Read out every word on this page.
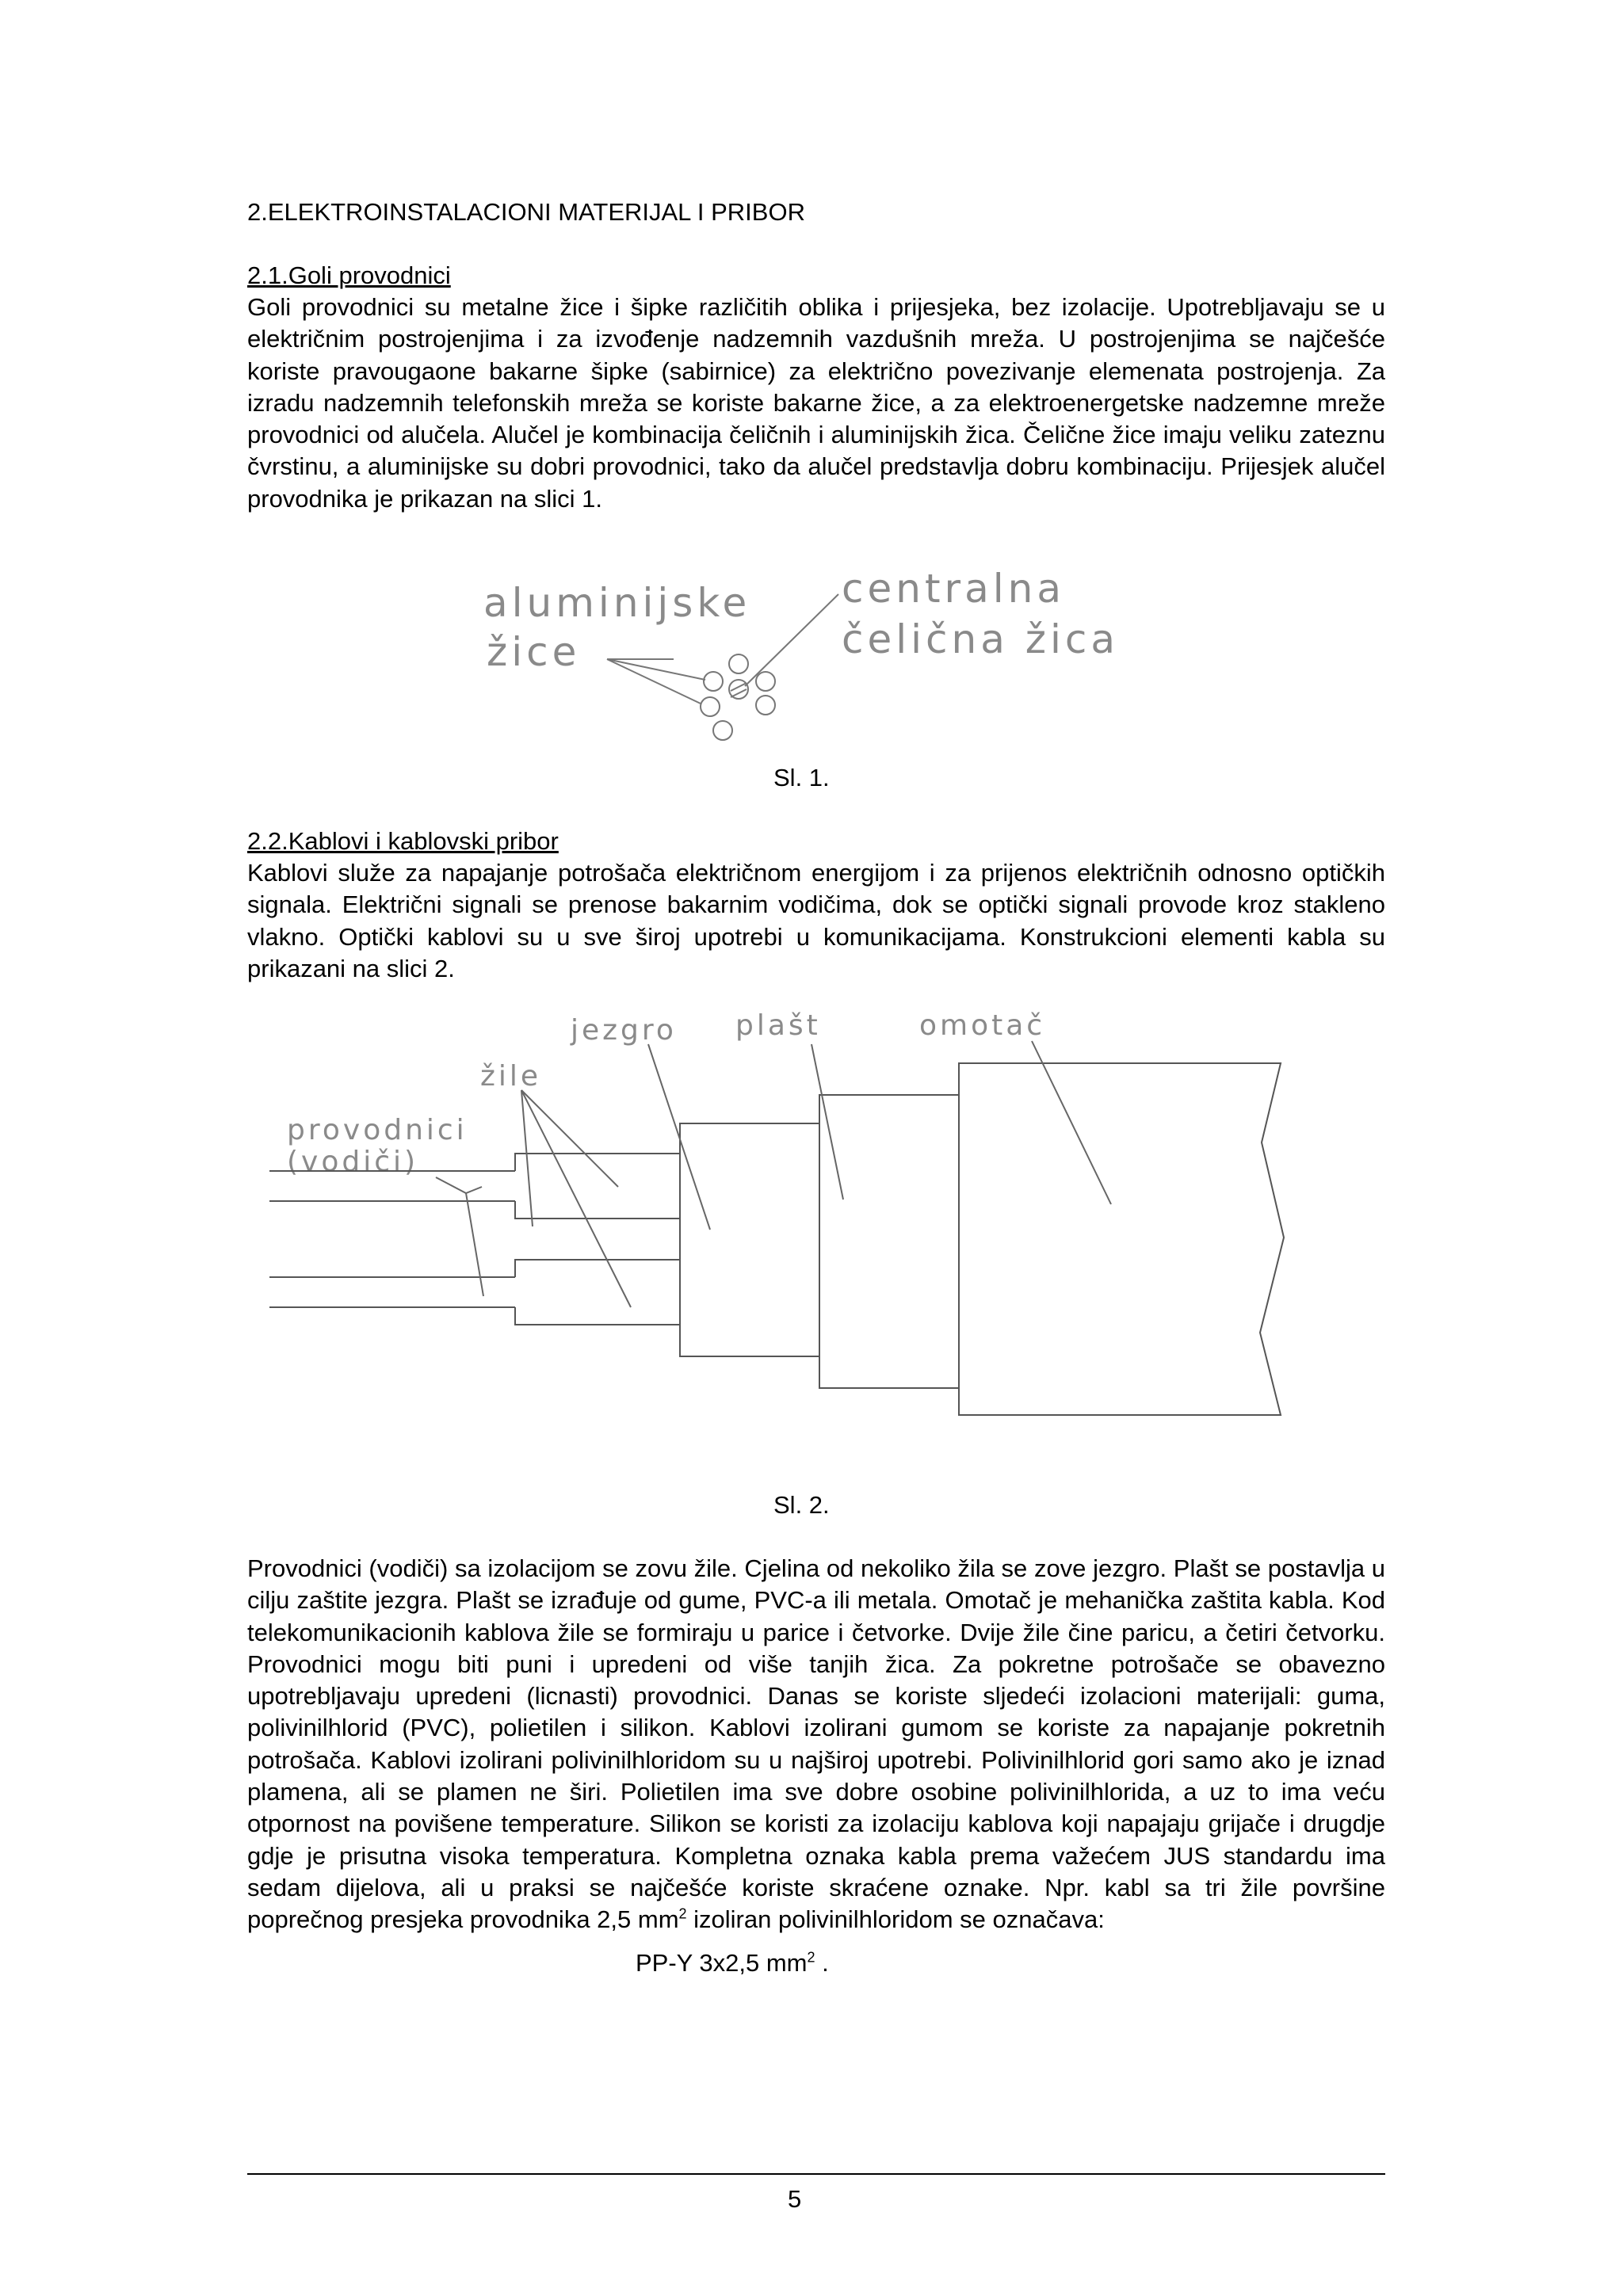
2.ELEKTROINSTALACIONI MATERIJAL I PRIBOR
2.1.Goli provodnici
Goli provodnici su metalne žice i šipke različitih oblika i prijesjeka, bez izolacije. Upotrebljavaju se u električnim postrojenjima i za izvođenje nadzemnih vazdušnih mreža. U postrojenjima se najčešće koriste pravougaone bakarne šipke (sabirnice) za električno povezivanje elemenata postrojenja. Za izradu nadzemnih telefonskih mreža se koriste bakarne žice, a za elektroenergetske nadzemne mreže provodnici od alučela. Alučel je kombinacija čeličnih i aluminijskih žica. Čelične žice imaju veliku zateznu čvrstinu, a aluminijske su dobri provodnici, tako da alučel predstavlja dobru kombinaciju. Prijesjek alučel provodnika je prikazan na slici 1.
aluminijske
žice
centralna
čelična žica
Sl. 1.
2.2.Kablovi i kablovski pribor
Kablovi služe za napajanje potrošača električnom energijom i za prijenos električnih odnosno optičkih signala. Električni signali se prenose bakarnim vodičima, dok se optički signali provode kroz stakleno vlakno. Optički kablovi su u sve širој upotrebi u komunikacijama. Konstrukcioni elementi kabla su prikazani na slici 2.
jezgro plašt	omotač
žile
provodnici
(vodiči)
Sl. 2.
Provodnici (vodiči) sa izolacijom se zovu žile. Cjelina od nekoliko žila se zove jezgro. Plašt se postavlja u cilju zaštite jezgra. Plašt se izrađuje od gume, PVC-a ili metala. Omotač je mehanička zaštita kabla. Kod telekomunikacionih kablova žile se formiraju u parice i četvorke. Dvije žile čine paricu, a četiri četvorku. Provodnici mogu biti puni i upredeni od više tanjih žica. Za pokretne potrošače se obavezno upotrebljavaju upredeni (licnasti) provodnici. Danas se koriste sljedeći izolacioni materijali: guma, polivinilhlorid (PVC), polietilen i silikon. Kablovi izolirani gumom se koriste za napajanje pokretnih potrošača. Kablovi izolirani polivinilhloridom su u najširoj upotrebi. Polivinilhlorid gori samo ako je iznad plamena, ali se plamen ne širi. Polietilen ima sve dobre osobine polivinilhlorida, a uz to ima veću otpornost na povišene temperature. Silikon se koristi za izolaciju kablova koji napajaju grijače i drugdje gdje je prisutna visoka temperatura. Kompletna oznaka kabla prema važećem JUS standardu ima sedam dijelova, ali u praksi se najčešće koriste skraćene oznake. Npr. kabl sa tri žile površine poprečnog presjeka provodnika 2,5 $mm^2$ izoliran polivinilhloridom se označava:
PP-Y 3x2,5 $mm^2$ .
5
